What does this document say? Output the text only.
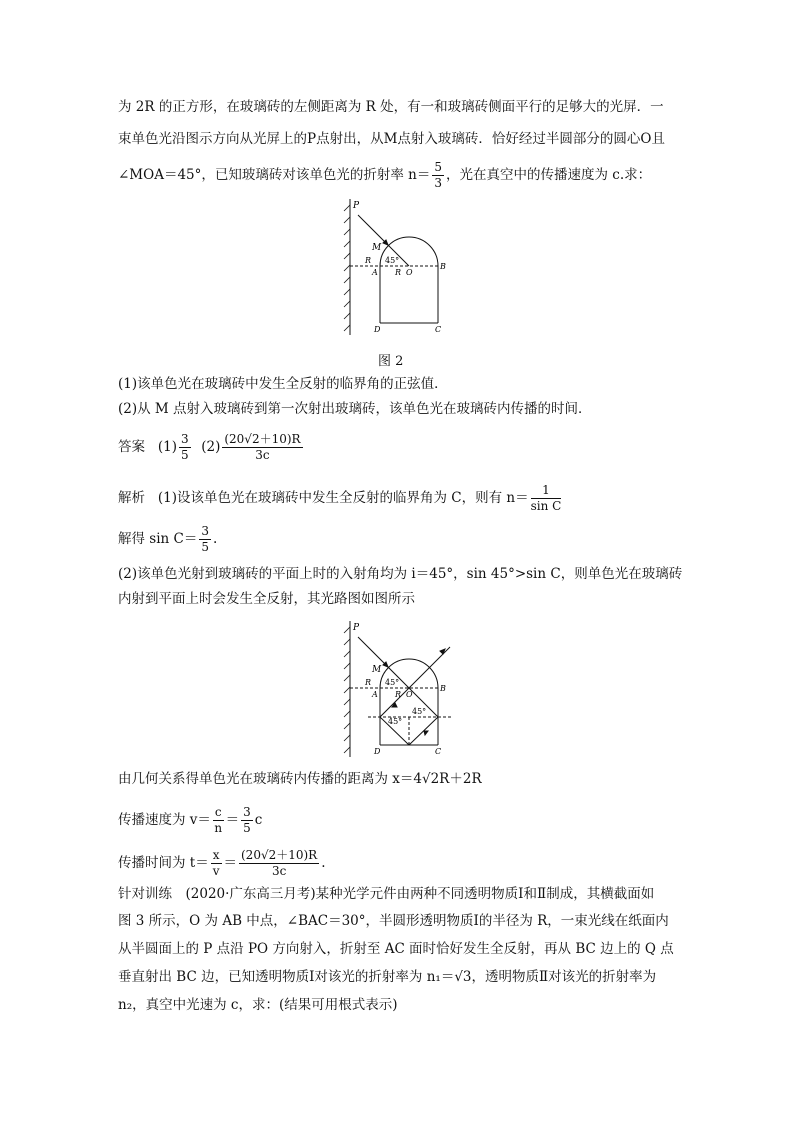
为 2R 的正方形，在玻璃砖的左侧距离为 R 处，有一和玻璃砖侧面平行的足够大的光屏．一
束单色光沿图示方向从光屏上的P点射出，从M点射入玻璃砖．恰好经过半圆部分的圆心O且
∠MOA＝45°，已知玻璃砖对该单色光的折射率 $n= \frac{5}{3}$ ，光在真空中的传播速度为 c.求：
P
M
R
A
45°
R O
B
D	C
图 2
(1)该单色光在玻璃砖中发生全反射的临界角的正弦值．
(2)从 M 点射入玻璃砖到第一次射出玻璃砖，该单色光在玻璃砖内传播的时间．
答案 $(1) \frac{3}{5} (2) \frac{(20√2+10)R}{3c}$
解析 (1)设该单色光在玻璃砖中发生全反射的临界角为 C，则有 $n= \frac{1}{\text{sin C}}$
解得 $\sin C= \frac{3}{5}$ .
(2)该单色光射到玻璃砖的平面上时的入射角均为 i＝45°，sin 45°>sin C，则单色光在玻璃砖
内射到平面上时会发生全反射，其光路图如图所示
P
M
R
A
45°
R O
B
45°
45°
D	C
由几何关系得单色光在玻璃砖内传播的距离为 x＝4√2R＋2R
传播速度为 $v= \frac{c}{n} = \frac{3}{5}$ c
传播时间为 $t= \frac{x}{v} = \frac{(20√2+10)R}{3c}$ .
针对训练　(2020·广东高三月考)某种光学元件由两种不同透明物质Ⅰ和Ⅱ制成，其横截面如
图 3 所示，O 为 AB 中点，∠BAC＝30°，半圆形透明物质Ⅰ的半径为 R，一束光线在纸面内
从半圆面上的 P 点沿 PO 方向射入，折射至 AC 面时恰好发生全反射，再从 BC 边上的 Q 点
垂直射出 BC 边，已知透明物质Ⅰ对该光的折射率为 n₁＝√3，透明物质Ⅱ对该光的折射率为
n₂，真空中光速为 c，求：(结果可用根式表示)
